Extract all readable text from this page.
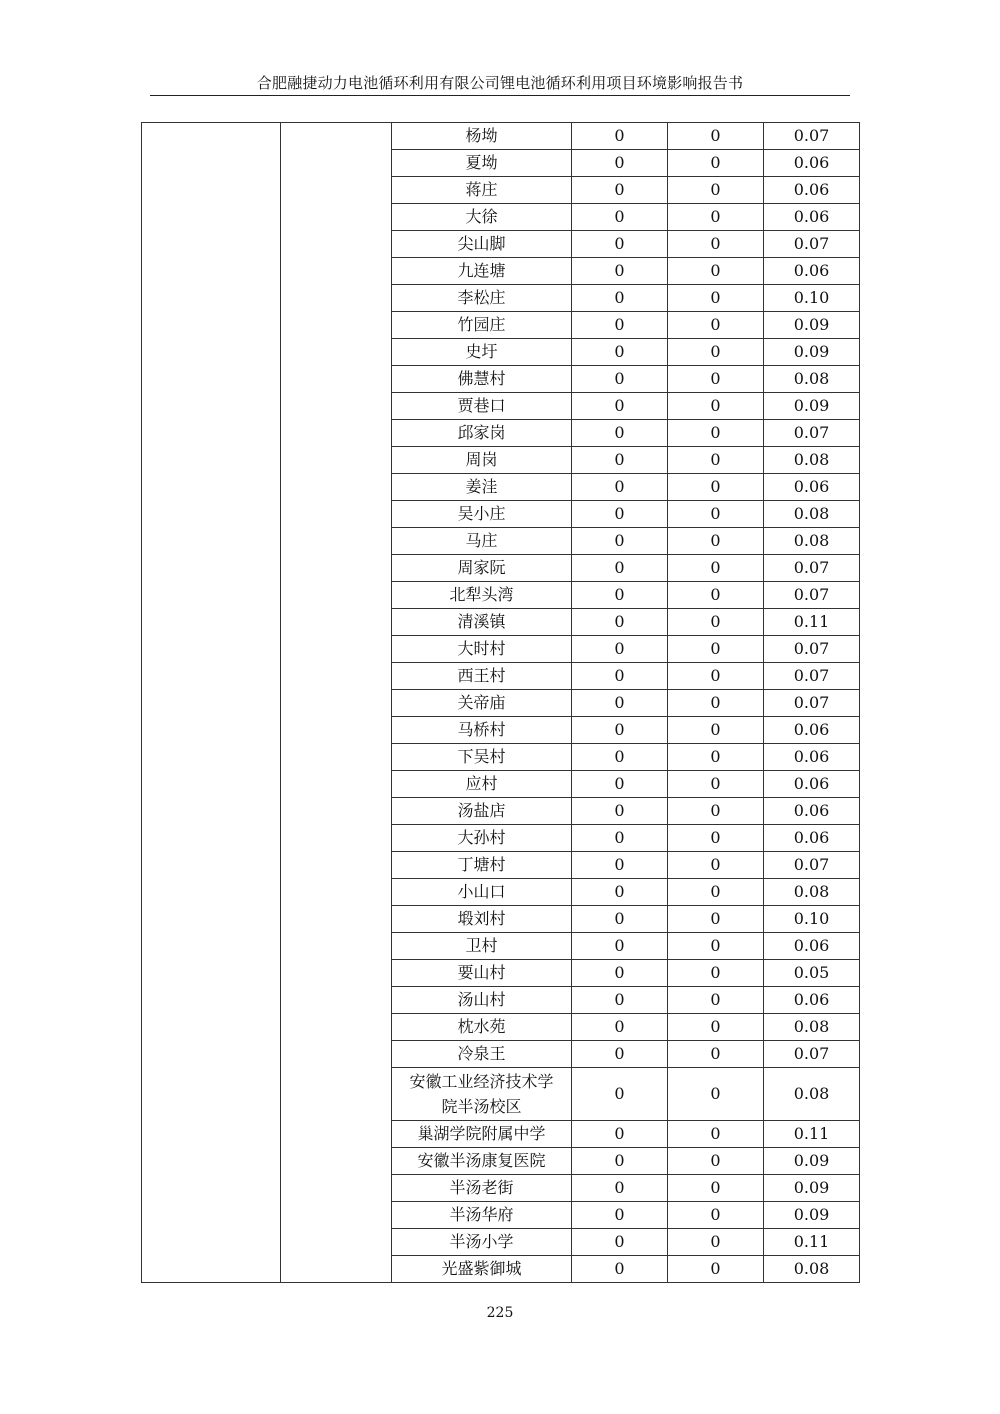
合肥融捷动力电池循环利用有限公司锂电池循环利用项目环境影响报告书
		杨坳	0	0	0.07
		夏坳	0	0	0.06
		蒋庄	0	0	0.06
		大徐	0	0	0.06
		尖山脚	0	0	0.07
		九连塘	0	0	0.06
		李松庄	0	0	0.10
		竹园庄	0	0	0.09
		史圩	0	0	0.09
		佛慧村	0	0	0.08
		贾巷口	0	0	0.09
		邱家岗	0	0	0.07
		周岗	0	0	0.08
		姜洼	0	0	0.06
		吴小庄	0	0	0.08
		马庄	0	0	0.08
		周家阮	0	0	0.07
		北犁头湾	0	0	0.07
		清溪镇	0	0	0.11
		大时村	0	0	0.07
		西王村	0	0	0.07
		关帝庙	0	0	0.07
		马桥村	0	0	0.06
		下吴村	0	0	0.06
		应村	0	0	0.06
		汤盐店	0	0	0.06
		大孙村	0	0	0.06
		丁塘村	0	0	0.07
		小山口	0	0	0.08
		塅刘村	0	0	0.10
		卫村	0	0	0.06
		要山村	0	0	0.05
		汤山村	0	0	0.06
		枕水苑	0	0	0.08
		冷泉王	0	0	0.07

		安徽工业经济技术学
院半汤校区	0	0	0.08
		巢湖学院附属中学	0	0	0.11
		安徽半汤康复医院	0	0	0.09
		半汤老街	0	0	0.09
		半汤华府	0	0	0.09
		半汤小学	0	0	0.11
		光盛紫御城	0	0	0.08
225
